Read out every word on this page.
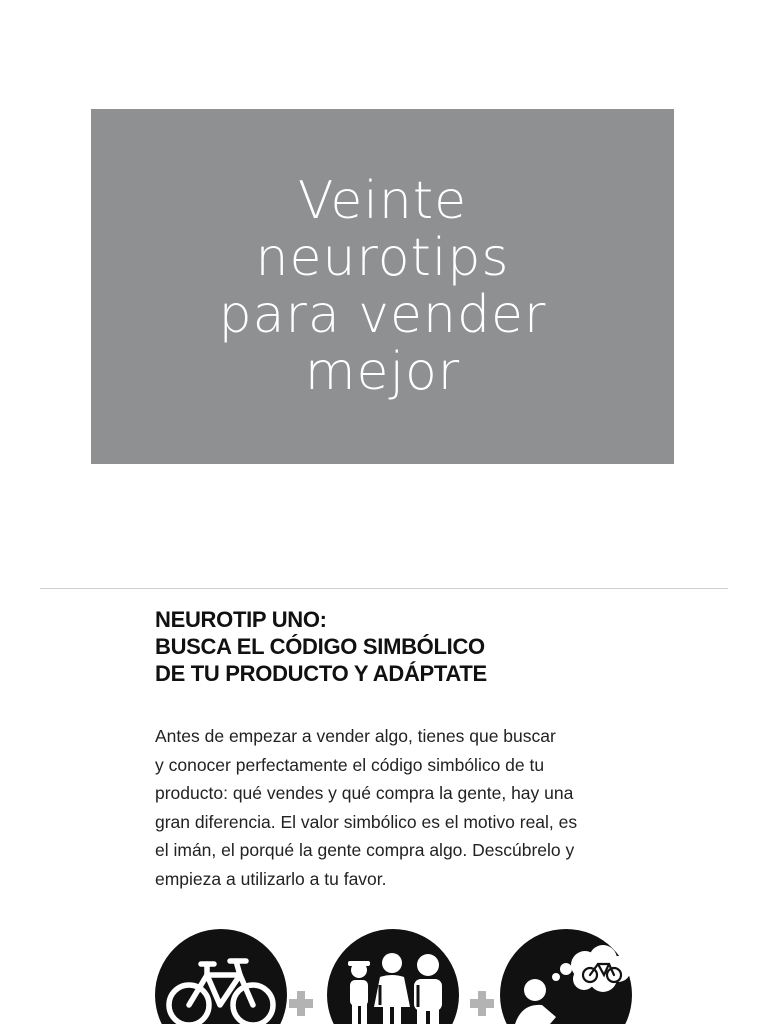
Veinte
neurotips
para vender
mejor
NEUROTIP UNO:
BUSCA EL CÓDIGO SIMBÓLICO
DE TU PRODUCTO Y ADÁPTATE

Antes de empezar a vender algo, tienes que buscar
y conocer perfectamente el código simbólico de tu
producto: qué vendes y qué compra la gente, hay una
gran diferencia. El valor simbólico es el motivo real, es
el imán, el porqué la gente compra algo. Descúbrelo y
empieza a utilizarlo a tu favor.
